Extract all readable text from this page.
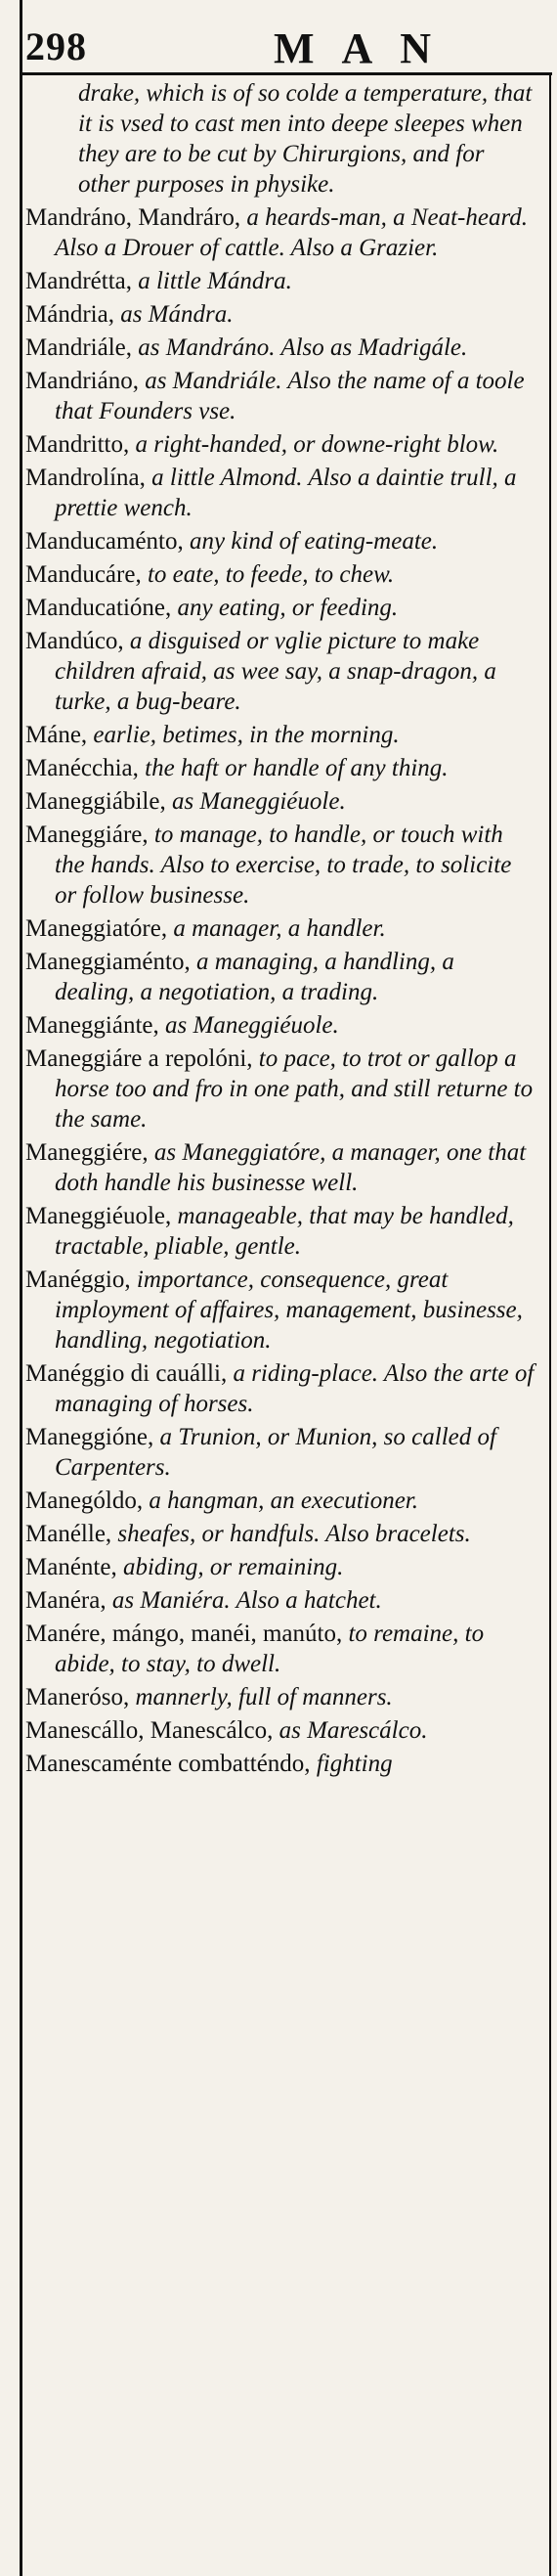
298	MAN

drake, which is of so colde a temperature, that it is vsed to cast men into deepe sleepes when they are to be cut by Chirurgions, and for other purposes in physike.

Mandráno, Mandráro, a heards-man, a Neat-heard. Also a Drouer of cattle. Also a Grazier.

Mandrétta, a little Mándra.

Mándria, as Mándra.

Mandriále, as Mandráno. Also as Madrigále.

Mandriáno, as Mandriále. Also the name of a toole that Founders vse.

Mandritto, a right-handed, or downe-right blow.

Mandrolína, a little Almond. Also a daintie trull, a prettie wench.

Manducaménto, any kind of eating-meate.

Manducáre, to eate, to feede, to chew.

Manducatióne, any eating, or feeding.

Mandúco, a disguised or vglie picture to make children afraid, as wee say, a snap-dragon, a turke, a bug-beare.

Máne, earlie, betimes, in the morning.

Manécchia, the haft or handle of any thing.

Maneggiábile, as Maneggiéuole.

Maneggiáre, to manage, to handle, or touch with the hands. Also to exercise, to trade, to solicite or follow businesse.

Maneggiatóre, a manager, a handler.

Maneggiaménto, a managing, a handling, a dealing, a negotiation, a trading.

Maneggiánte, as Maneggiéuole.

Maneggiáre a repolóni, to pace, to trot or gallop a horse too and fro in one path, and still returne to the same.

Maneggiére, as Maneggiatóre, a manager, one that doth handle his businesse well.

Maneggiéuole, manageable, that may be handled, tractable, pliable, gentle.

Manéggio, importance, consequence, great imployment of affaires, management, businesse, handling, negotiation.

Manéggio di cauálli, a riding-place. Also the arte of managing of horses.

Maneggióne, a Trunion, or Munion, so called of Carpenters.

Manególdo, a hangman, an executioner.

Manélle, sheafes, or handfuls. Also bracelets.

Manénte, abiding, or remaining.

Manéra, as Maniéra. Also a hatchet.

Manére, mángo, manéi, manúto, to remaine, to abide, to stay, to dwell.

Maneróso, mannerly, full of manners.

Manescállo, Manescálco, as Marescálco.

Manescaménte combatténdo, fighting
